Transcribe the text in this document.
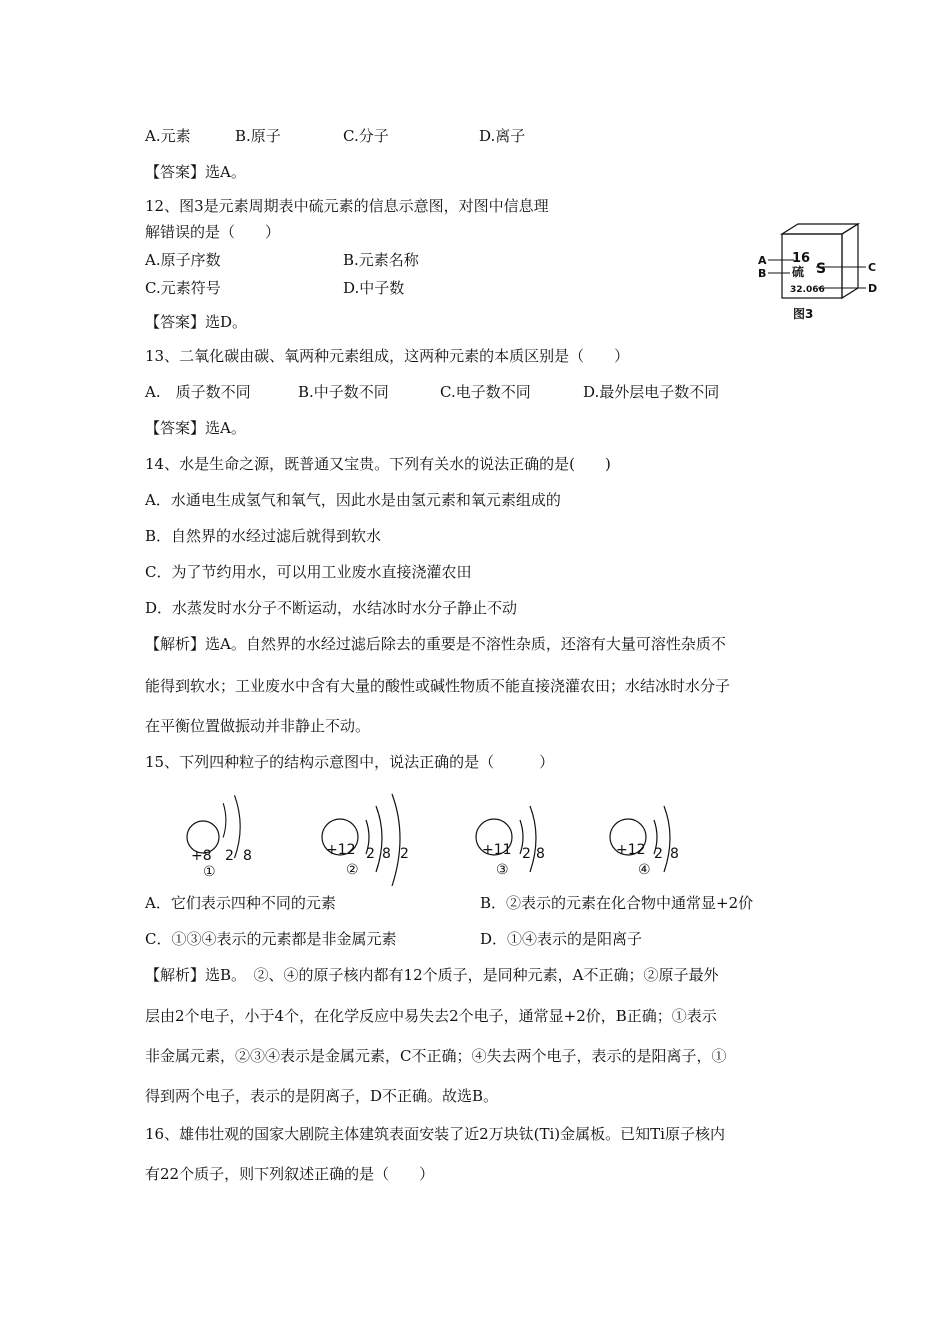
A.元素	B.原子	C.分子	D.离子
【答案】选A。
12、图3是元素周期表中硫元素的信息示意图，对图中信息理
解错误的是（　　）
A.原子序数	B.元素名称
C.元素符号	D.中子数
【答案】选D。
A
B	C
D
16
硫 S
32.066
图3
13、二氧化碳由碳、氧两种元素组成，这两种元素的本质区别是（　　）
A.　质子数不同	B.中子数不同	C.电子数不同	D.最外层电子数不同
【答案】选A。
14、水是生命之源，既普通又宝贵。下列有关水的说法正确的是(　　)
A．水通电生成氢气和氧气，因此水是由氢元素和氧元素组成的
B．自然界的水经过滤后就得到软水
C．为了节约用水，可以用工业废水直接浇灌农田
D．水蒸发时水分子不断运动，水结冰时水分子静止不动
【解析】选A。自然界的水经过滤后除去的重要是不溶性杂质，还溶有大量可溶性杂质不
能得到软水；工业废水中含有大量的酸性或碱性物质不能直接浇灌农田；水结冰时水分子
在平衡位置做振动并非静止不动。
15、下列四种粒子的结构示意图中，说法正确的是（　　　）
+8 2 8
①
+12 2 8 2
②
+11 2 8
③
+12 2 8
④
A．它们表示四种不同的元素	B．②表示的元素在化合物中通常显+2价
C．①③④表示的元素都是非金属元素	D．①④表示的是阳离子
【解析】选B。　②、④的原子核内都有12个质子，是同种元素，A不正确；②原子最外
层由2个电子，小于4个，在化学反应中易失去2个电子，通常显+2价，B正确；①表示
非金属元素，②③④表示是金属元素，C不正确；④失去两个电子，表示的是阳离子，①
得到两个电子，表示的是阴离子，D不正确。故选B。
16、雄伟壮观的国家大剧院主体建筑表面安装了近2万块钛(Ti)金属板。已知Ti原子核内
有22个质子，则下列叙述正确的是（　　）
